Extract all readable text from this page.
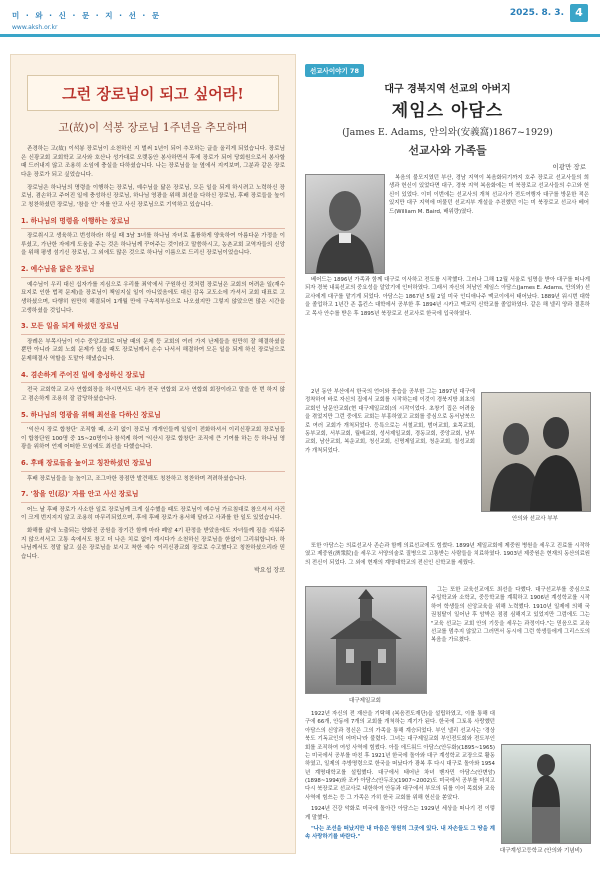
미 · 와 · 신 · 문 · 지 · 선 · 문
www.aksh.or.kr
2025. 8. 3.	4
그런 장로님이 되고 싶어라!
고(故)이 석봉 장로님 1주년을 추모하며

존경하는 고(故) 이석봉 장로님이 소천하신 지 벌써 1년이 되어 추모하는 글을 올리게 되었습니다. 장로님은 신광교회 교회학교 교사와 호산나 성가대로 오랫동안 봉사하면서 후에 장로가 되어 당회원으로서 봉사할 때 드러내지 않고 조용히 소임에 충실을 다하셨습니다. 나는 장로님을 늘 옆에서 지켜보며, 그분과 같은 장로다운 장로가 되고 싶었습니다.

장로님은 하나님의 명령을 이행하는 장로님, 예수님을 닮은 장로님, 모든 일을 되게 하시려고 노력하신 장로님, 겸손하고 주어진 일에 충성하신 장로님, 하나님 영광을 위해 최선을 다하신 장로님, 후배 장로들을 높이고 칭찬하셨던 장로님, '참을 인' 자를 안고 사신 장로님으로 기억하고 있습니다.

1. 하나님의 명령을 이행하는 장로님

장로취시고 생육하고 번성하라! 하실 때 3남 3녀를 하나님 자녀로 훌륭하게 양육하여 아름다운 가정을 이루셨고, 가난한 자에게 도움을 주는 것은 하나님께 꾸어주는 것이라고 말씀하시고, 농촌교회 교역자들의 신앙을 위해 평생 섬기신 장로님, 그 외에도 많은 것으로 하나님 이름으로 드리신 장로님이었습니다.

2. 예수님을 닮은 장로님

예수님이 우리 대신 십자가를 지심으로 우리를 죄악에서 구원하신 것처럼 장로님은 교회의 어려운 일(재수 묘지로 인한 법적 문제)을 장로님이 책임지실 일이 아니었음에도 대신 감옥 교도소에 가셔서 교회 대표로 고생하셨으며, 다행히 원만히 해결되어 1개월 만에 구속적부심으로 나오셨지만 그렇지 않았으면 많은 시간을 고생하셨을 것입니다.

3. 모든 일을 되게 하셨던 장로님

장례은 부목사님이 이수 중앙교회로 떠날 때의 문제 등 교회의 여러 가지 난제들을 원만히 잘 해결하셨을 뿐만 아니라 교회 노회 문제가 있을 때도 장로님께서 손수 나서서 해결하여 모든 일을 되게 하신 장로님으로 문제해결사 역할을 도맡아 해냈습니다.

4. 겸손하게 주어진 일에 충성하신 장로님

전국 교회학교 교사 연합회장을 하시면서도 내가 전국 연합회 교사 연합회 회장이라고 말을 한 번 하지 않고 겸손하게 조용히 잘 감당하셨습니다.

5. 하나님의 영광을 위해 최선을 다하신 장로님

'익산시 장로 합창단' 조직할 때, 소리 없이 장로님 개개인들께 일일이 전화하셔서 이리신광교회 장로님들이 합창단원 100명 중 15~20명이나 참석케 하여 '익산시 장로 합창단' 조직에 큰 기여를 하는 등 하나님 영광을 위하여 언제 어떠한 모임에도 최선을 다했습니다.

6. 후배 장로들을 높이고 칭찬하셨던 장로님

후배 장로님들을 늘 높이고, 조그마한 장점만 발견해도 칭찬하고 칭찬하며 격려하셨습니다.

7. '참을 인(忍)' 자를 안고 사신 장로님

어느 날 후배 장로가 사소한 일로 장로님께 크게 실수했을 때도 장로님이 예수님 가르침대로 참으셔서 사건이 크게 번지지지 않고 조용히 마무리되었으며, 후에 후배 장로가 용서해 달라고 사과를 한 일도 있었습니다.

화해를 삶에 노출되는 양화진 공원을 장기간 함께 마라 폐암 4기 판정을 받았음에도 자녀들께 짐을 지워주지 않으셔서고 고통 속에서도 참고 더 나은 치료 없이 계시다가 소천하신 장로님을 한없이 그리워합니다. 하나님께서도 정말 닮고 싶은 장로님을 보시고 착한 예수 이리신광교회 장로로 수고했다고 칭찬하셨으리라 믿습니다.

박요섭 장로
선교사이야기 78
대구 경북지역 선교의 아버지
제임스 아담스
(James E. Adams, 안의와(安義窩)1867~1929)
선교사와 가족들
이광만 장로

복음의 불모지였던 부산, 경남 지역이 복음화되기까지 호주 장로교 선교사들의 희생과 헌신이 있었다면 대구, 경북 지역 복음화에는 미 북장로교 선교사들의 수고와 헌신이 있었다. 이미 이번에는 선교사의 개척 선교사가 전도여행자 대구를 방문한 적은 있지만 대구 지역에 머물던 선교지부 개설을 추진했던 이는 미 북장로교 선교사 베어드(William M. Baird, 배위량)였다.

베어드는 1896년 가족과 함께 대구로 이사하고 전도를 시작했다. 그러나 그해 12월 서울로 임명을 받아 대구를 떠나게 되자 경북 내륙선교의 중요성을 알았기에 인터하였다. 그래서 자신의 처남인 제임스 아담스(James E. Adams, 안의와) 선교사에게 대구를 맡기게 되었다. 아담스는 1867년 5월 2일 미국 인디애나주 맥코이에서 태어났다. 1889년 워시번 대학을 졸업하고 1년간 존 홉킨스 대학에서 공부한 후 1894년 시카고 맥코믹 신학교를 졸업하였다. 같은 해 넬리 양과 결혼하고 목사 안수를 받은 후 1895년 북장로교 선교사로 한국에 입국하였다.

2년 동안 부산에서 한국의 언어와 풍습을 공부한 그는 1897년 대구에 정착하여 바로 자신의 집에서 교회를 시작하는데 이것이 경북지방 최초의 교회인 남문안교회(현 대구제일교회)의 시작이었다. 초창기 집은 어려움을 겪었지만 그런 중에도 교회는 부흥하였고 교회를 중심으로 동서남북으로 여러 교회가 개척되었다. 등특으로는 서철교회, 범어교회, 효목교회, 동부교회, 서부교회, 월배교회, 성서제일교회, 경동교회, 중앙교회, 남부교회, 남산교회, 복운교회, 청신교회, 신명제일교회, 청운교회, 칠성교회가 개척되었다.

안의와 선교사 부부

또한 아담스는 의료선교사 존슨과 함께 의료선교에도 힘썼다. 1899년 제일교회에 제중원 병원을 세우고 진료를 시작하였고 제중원(濟衆院)을 세우고 서양의술로 질병으로 고통받는 사람들을 치료하였다. 1903년 제중원은 현재의 동산의료원의 전신이 되었다. 그 외에 현재의 계명대학교의 전신인 신학교를 세웠다.

대구제일교회

그는 또한 교육선교에도 최선을 다했다. 대구선교부를 중심으로 주일학교와 소학교, 중등학교를 계획하고 1906년 계성학교를 시작하여 학생들의 신앙교육을 위해 노력했다. 1910년 일제에 의해 국권침탈이 일어난 후 암박은 점점 심해지고 있었지만 그럼에도 그는 "교육 선교는 교회 안의 기둥을 세우는 과정이다."는 믿음으로 교육 선교를 멈추지 않았고 그러면서 동시에 그런 학생들에게 그리스도의 복음을 가르쳤다.

1922년 자신의 전 재산을 기탁해 (복음전도재단)을 설립하였고, 이를 통해 대구에 66개, 안동에 7개의 교회를 개척하는 계기가 된다. 한국에 그토록 사랑했던 아담스의 신앙과 정신은 그의 가족을 통해 계승되었다. 부인 넬리 선교사는 '경상북도 기독교인의 어머니'라 불렸다. 그녀는 대구제일교회 부인전도회와 전도부인회를 조직하여 여성 사역에 힘썼다. 아들 에드워드 아담스(안두화)(1895~1965)는 미국에서 공부를 마친 후 1921년 한국에 돌아와 대구 계성학교 교장으로 활동하였고, 일제의 추방명령으로 한국을 떠났다가 광복 후 다시 대구로 돌아와 1954년 계명대학교를 설립했다. 대구에서 태어난 차녀 벤자민 아담스(안변암)(1898~1994)와 조카 아담스(안두조)(1907~2002)도 미국에서 공부를 마치고 다시 북장로교 선교사로 내한하여 안동과 대구에서 부모의 뒤를 이어 목회와 교육 사역에 힘쓰는 등 그 가족은 가히 한국 교회를 위해 헌신을 쏟았다.

1924년 건강 악화로 미국에 돌아간 아담스는 1929년 세상을 떠나기 전 이렇게 말했다.

"나는 조선을 떠났지만 내 마음은 영원히 그곳에 있다. 내 자손들도 그 땅을 계속 사랑하기를 바란다."

대구계성고등학교 (안의와 기념비)
